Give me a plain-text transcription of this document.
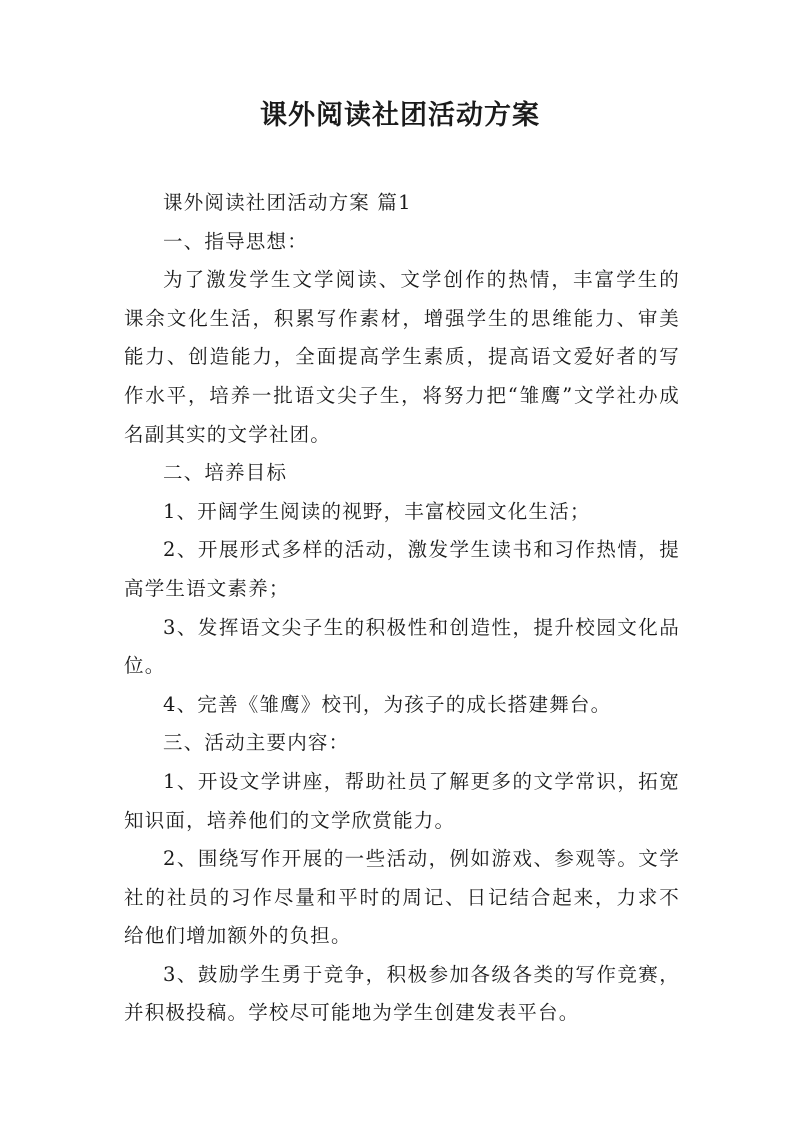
课外阅读社团活动方案

课外阅读社团活动方案 篇1

一、指导思想：

为了激发学生文学阅读、文学创作的热情，丰富学生的课余文化生活，积累写作素材，增强学生的思维能力、审美能力、创造能力，全面提高学生素质，提高语文爱好者的写作水平，培养一批语文尖子生，将努力把“雏鹰”文学社办成名副其实的文学社团。

二、培养目标

1、开阔学生阅读的视野，丰富校园文化生活；

2、开展形式多样的活动，激发学生读书和习作热情，提高学生语文素养；

3、发挥语文尖子生的积极性和创造性，提升校园文化品位。

4、完善《雏鹰》校刊，为孩子的成长搭建舞台。

三、活动主要内容：

1、开设文学讲座，帮助社员了解更多的文学常识，拓宽知识面，培养他们的文学欣赏能力。

2、围绕写作开展的一些活动，例如游戏、参观等。文学社的社员的习作尽量和平时的周记、日记结合起来，力求不给他们增加额外的负担。

3、鼓励学生勇于竞争，积极参加各级各类的写作竞赛，并积极投稿。学校尽可能地为学生创建发表平台。
